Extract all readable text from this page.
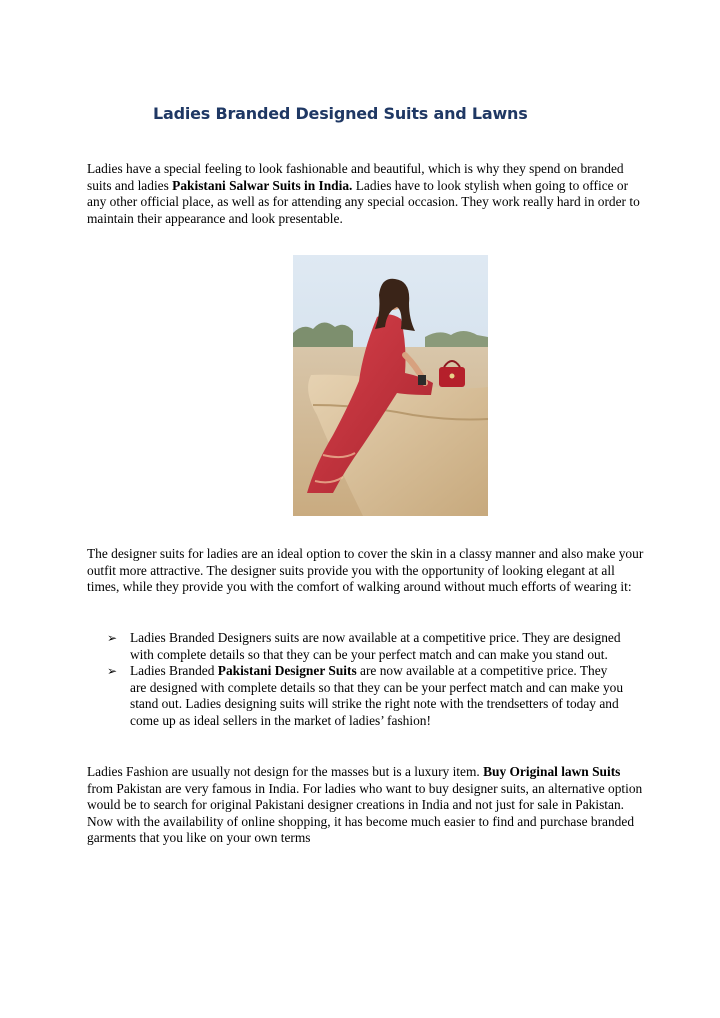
Ladies Branded Designed Suits and Lawns

Ladies have a special feeling to look fashionable and beautiful, which is why they spend on branded suits and ladies Pakistani Salwar Suits in India. Ladies have to look stylish when going to office or any other official place, as well as for attending any special occasion. They work really hard in order to maintain their appearance and look presentable.

The designer suits for ladies are an ideal option to cover the skin in a classy manner and also make your outfit more attractive. The designer suits provide you with the opportunity of looking elegant at all times, while they provide you with the comfort of walking around without much efforts of wearing it:

➢ Ladies Branded Designers suits are now available at a competitive price. They are designed with complete details so that they can be your perfect match and can make you stand out.
➢ Ladies Branded Pakistani Designer Suits are now available at a competitive price. They are designed with complete details so that they can be your perfect match and can make you stand out. Ladies designing suits will strike the right note with the trendsetters of today and come up as ideal sellers in the market of ladies’ fashion!

Ladies Fashion are usually not design for the masses but is a luxury item. Buy Original lawn Suits from Pakistan are very famous in India. For ladies who want to buy designer suits, an alternative option would be to search for original Pakistani designer creations in India and not just for sale in Pakistan. Now with the availability of online shopping, it has become much easier to find and purchase branded garments that you like on your own terms
